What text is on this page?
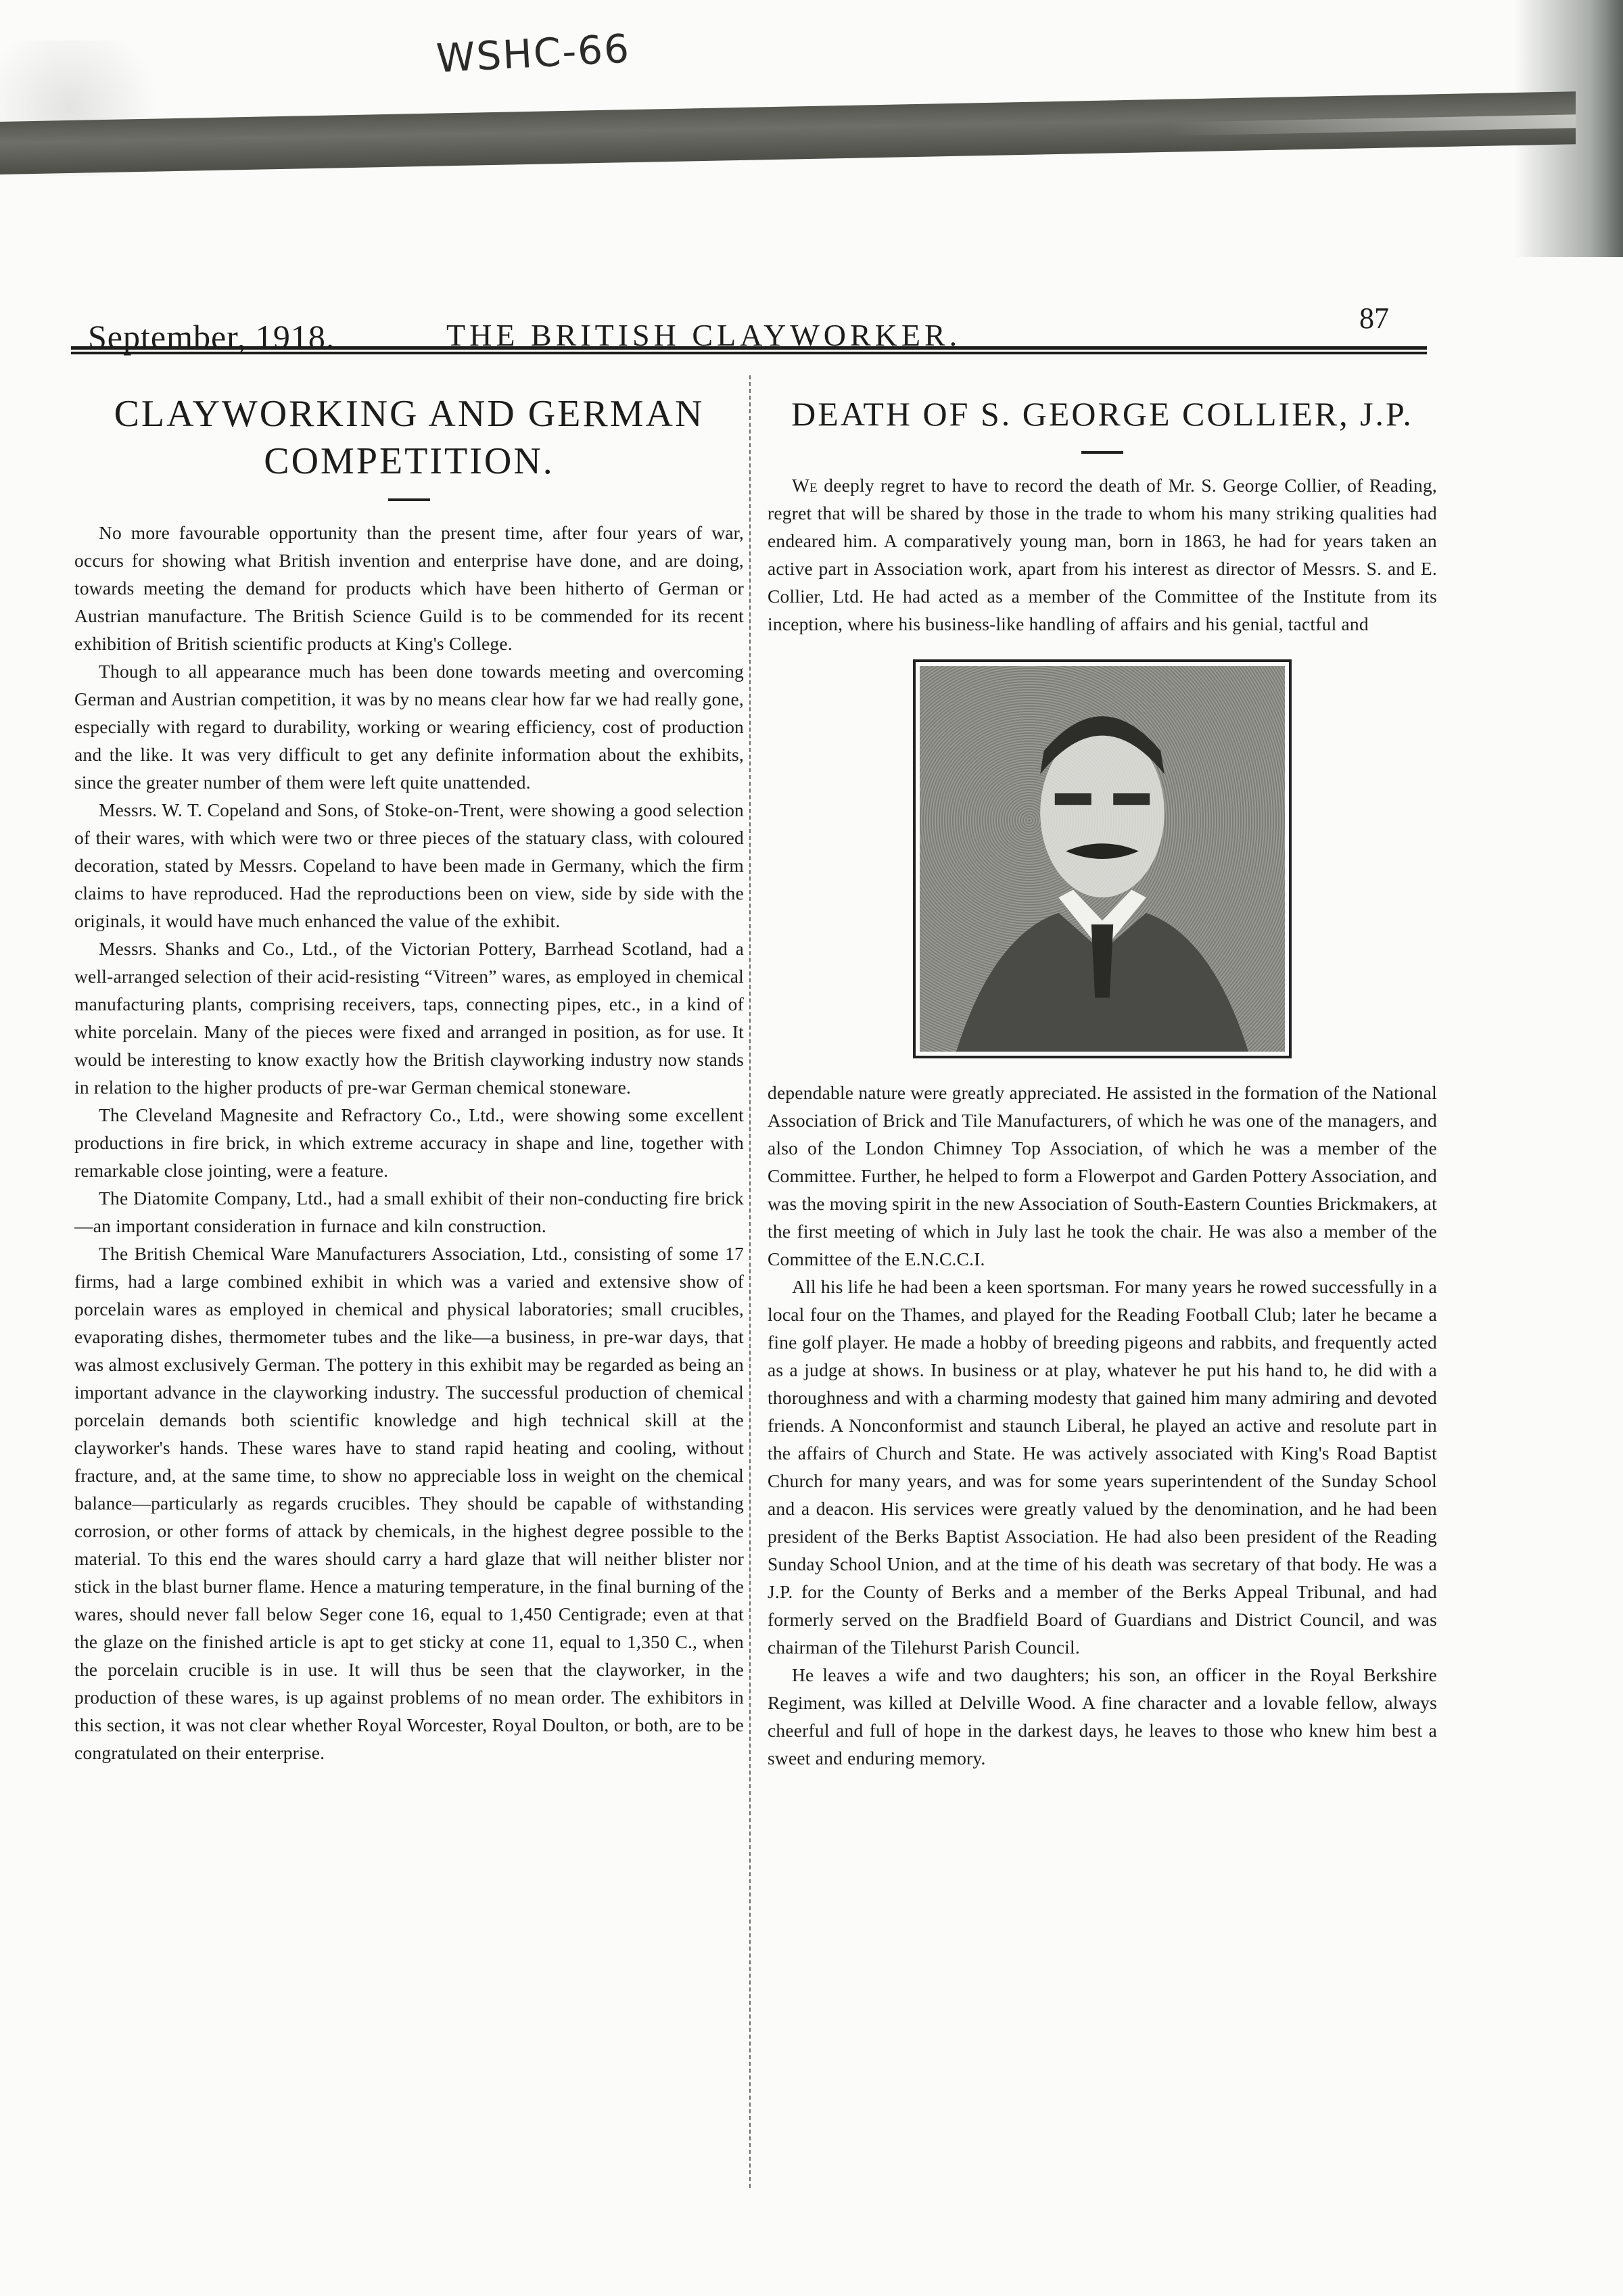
WSHC-66
September, 1918.	THE BRITISH CLAYWORKER.	87
CLAYWORKING AND GERMAN COMPETITION.

No more favourable opportunity than the present time, after four years of war, occurs for showing what British invention and enterprise have done, and are doing, towards meeting the demand for products which have been hitherto of German or Austrian manufacture. The British Science Guild is to be commended for its recent exhibition of British scientific products at King's College.

Though to all appearance much has been done towards meeting and overcoming German and Austrian competition, it was by no means clear how far we had really gone, especially with regard to durability, working or wearing efficiency, cost of production and the like. It was very difficult to get any definite information about the exhibits, since the greater number of them were left quite unattended.

Messrs. W. T. Copeland and Sons, of Stoke-on-Trent, were showing a good selection of their wares, with which were two or three pieces of the statuary class, with coloured decoration, stated by Messrs. Copeland to have been made in Germany, which the firm claims to have reproduced. Had the reproductions been on view, side by side with the originals, it would have much enhanced the value of the exhibit.

Messrs. Shanks and Co., Ltd., of the Victorian Pottery, Barrhead Scotland, had a well-arranged selection of their acid-resisting “Vitreen” wares, as employed in chemical manufacturing plants, comprising receivers, taps, connecting pipes, etc., in a kind of white porcelain. Many of the pieces were fixed and arranged in position, as for use. It would be interesting to know exactly how the British clayworking industry now stands in relation to the higher products of pre-war German chemical stoneware.

The Cleveland Magnesite and Refractory Co., Ltd., were showing some excellent productions in fire brick, in which extreme accuracy in shape and line, together with remarkable close jointing, were a feature.

The Diatomite Company, Ltd., had a small exhibit of their non-conducting fire brick—an important consideration in furnace and kiln construction.

The British Chemical Ware Manufacturers Association, Ltd., consisting of some 17 firms, had a large combined exhibit in which was a varied and extensive show of porcelain wares as employed in chemical and physical laboratories; small crucibles, evaporating dishes, thermometer tubes and the like—a business, in pre-war days, that was almost exclusively German. The pottery in this exhibit may be regarded as being an important advance in the clayworking industry. The successful production of chemical porcelain demands both scientific knowledge and high technical skill at the clayworker's hands. These wares have to stand rapid heating and cooling, without fracture, and, at the same time, to show no appreciable loss in weight on the chemical balance—particularly as regards crucibles. They should be capable of withstanding corrosion, or other forms of attack by chemicals, in the highest degree possible to the material. To this end the wares should carry a hard glaze that will neither blister nor stick in the blast burner flame. Hence a maturing temperature, in the final burning of the wares, should never fall below Seger cone 16, equal to 1,450 Centigrade; even at that the glaze on the finished article is apt to get sticky at cone 11, equal to 1,350 C., when the porcelain crucible is in use. It will thus be seen that the clayworker, in the production of these wares, is up against problems of no mean order. The exhibitors in this section, it was not clear whether Royal Worcester, Royal Doulton, or both, are to be congratulated on their enterprise.

DEATH OF S. GEORGE COLLIER, J.P.

We deeply regret to have to record the death of Mr. S. George Collier, of Reading, regret that will be shared by those in the trade to whom his many striking qualities had endeared him. A comparatively young man, born in 1863, he had for years taken an active part in Association work, apart from his interest as director of Messrs. S. and E. Collier, Ltd. He had acted as a member of the Committee of the Institute from its inception, where his business-like handling of affairs and his genial, tactful and

dependable nature were greatly appreciated. He assisted in the formation of the National Association of Brick and Tile Manufacturers, of which he was one of the managers, and also of the London Chimney Top Association, of which he was a member of the Committee. Further, he helped to form a Flowerpot and Garden Pottery Association, and was the moving spirit in the new Association of South-Eastern Counties Brickmakers, at the first meeting of which in July last he took the chair. He was also a member of the Committee of the E.N.C.C.I.

All his life he had been a keen sportsman. For many years he rowed successfully in a local four on the Thames, and played for the Reading Football Club; later he became a fine golf player. He made a hobby of breeding pigeons and rabbits, and frequently acted as a judge at shows. In business or at play, whatever he put his hand to, he did with a thoroughness and with a charming modesty that gained him many admiring and devoted friends. A Nonconformist and staunch Liberal, he played an active and resolute part in the affairs of Church and State. He was actively associated with King's Road Baptist Church for many years, and was for some years superintendent of the Sunday School and a deacon. His services were greatly valued by the denomination, and he had been president of the Berks Baptist Association. He had also been president of the Reading Sunday School Union, and at the time of his death was secretary of that body. He was a J.P. for the County of Berks and a member of the Berks Appeal Tribunal, and had formerly served on the Bradfield Board of Guardians and District Council, and was chairman of the Tilehurst Parish Council.

He leaves a wife and two daughters; his son, an officer in the Royal Berkshire Regiment, was killed at Delville Wood. A fine character and a lovable fellow, always cheerful and full of hope in the darkest days, he leaves to those who knew him best a sweet and enduring memory.
